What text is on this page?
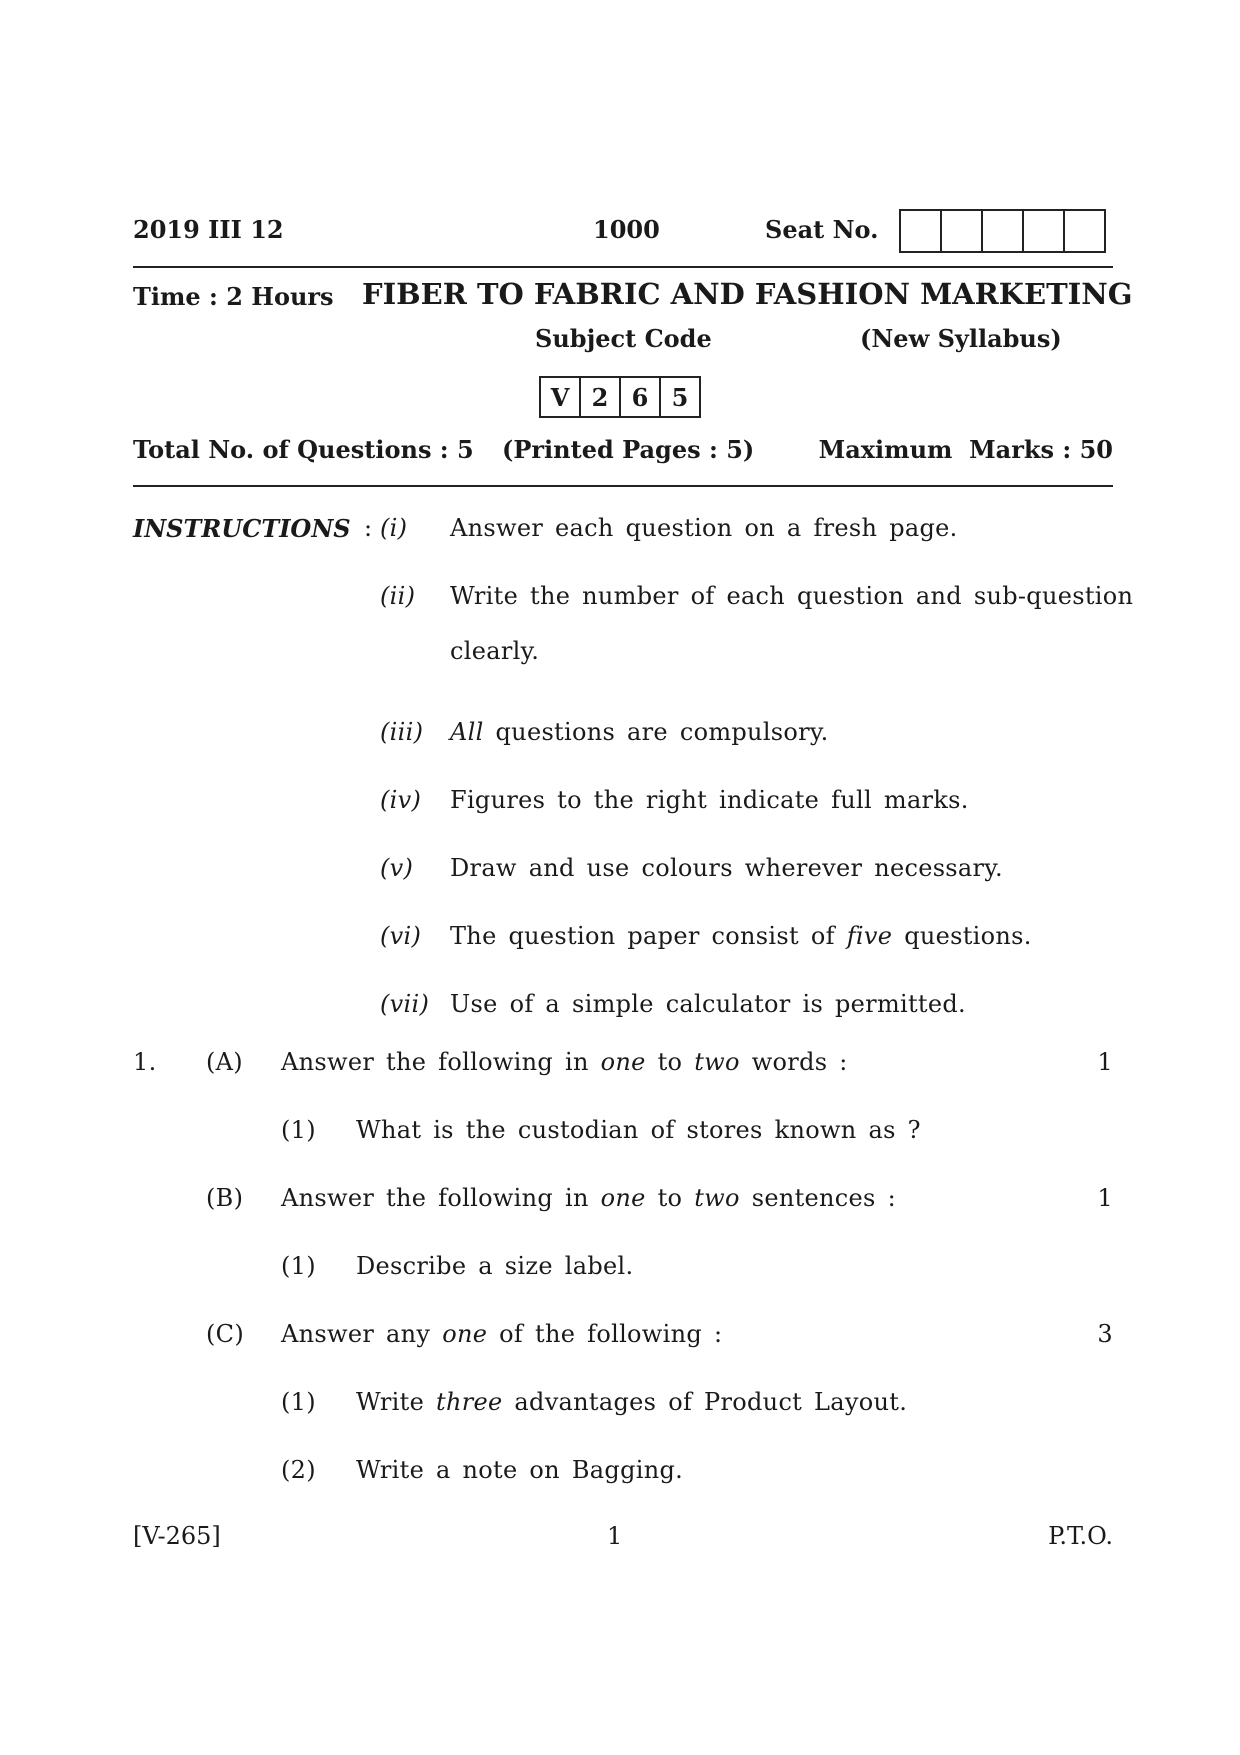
2019 III 12	1000	Seat No.
Time : 2 Hours FIBER TO FABRIC AND FASHION MARKETING
Subject Code	(New Syllabus)
V 2 6 5
Total No. of Questions : 5 (Printed Pages : 5)	Maximum  Marks : 50
INSTRUCTIONS : (i) Answer each question on a fresh page.
(ii) Write the number of each question and sub-question
clearly.
(iii) All questions are compulsory.
(iv) Figures to the right indicate full marks.
(v) Draw and use colours wherever necessary.
(vi) The question paper consist of five questions.
(vii) Use of a simple calculator is permitted.
1. (A) Answer the following in one to two words :	1
(1) What is the custodian of stores known as ?
(B) Answer the following in one to two sentences :	1
(1) Describe a size label.
(C) Answer any one of the following :	3
(1) Write three advantages of Product Layout.
(2) Write a note on Bagging.
[V-265]	1	P.T.O.
